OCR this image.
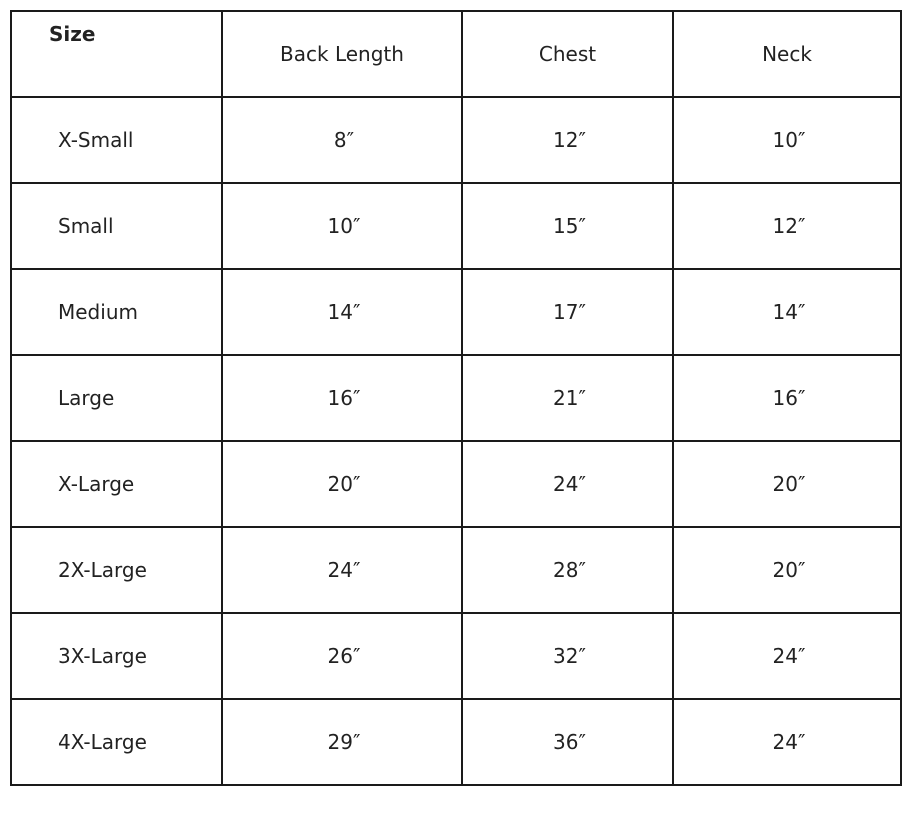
Size	Back Length	Chest	Neck

X-Small	8″	12″	10″

Small	10″	15″	12″

Medium	14″	17″	14″

Large	16″	21″	16″

X-Large	20″	24″	20″

2X-Large	24″	28″	20″

3X-Large	26″	32″	24″

4X-Large	29″	36″	24″
